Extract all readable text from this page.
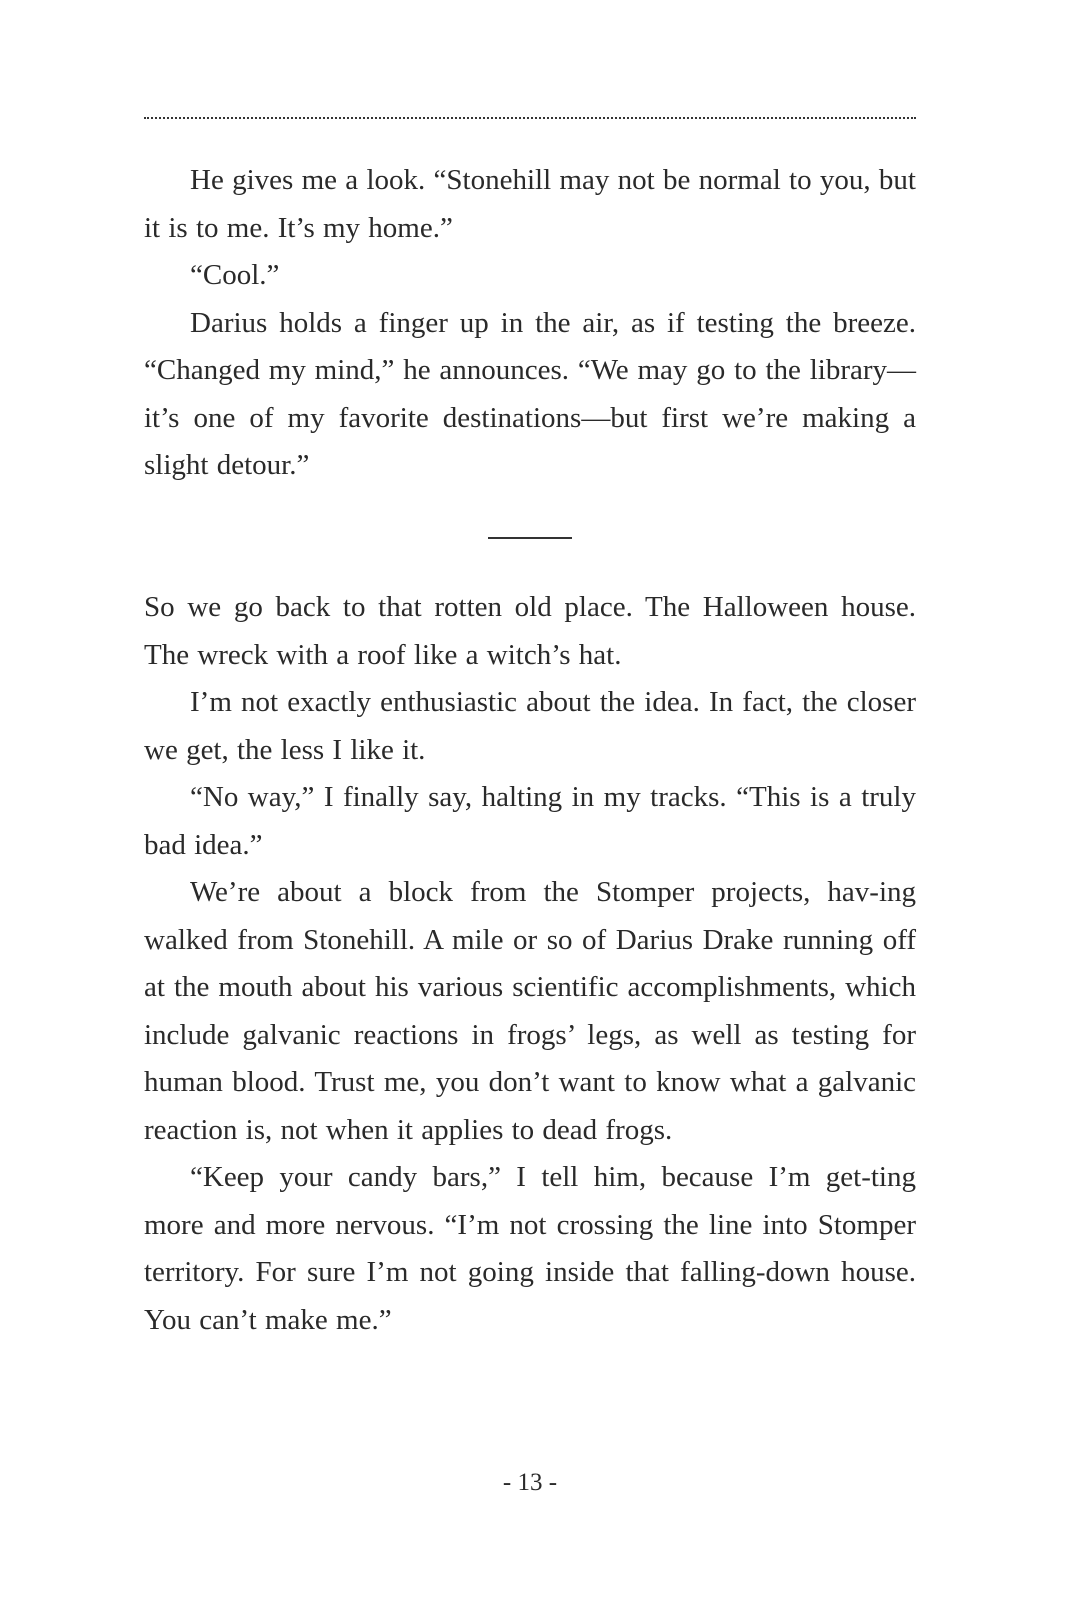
He gives me a look. “Stonehill may not be normal to you, but it is to me. It’s my home.”

“Cool.”

Darius holds a finger up in the air, as if testing the breeze. “Changed my mind,” he announces. “We may go to the library—it’s one of my favorite destinations—but first we’re making a slight detour.”

So we go back to that rotten old place. The Halloween house. The wreck with a roof like a witch’s hat.

I’m not exactly enthusiastic about the idea. In fact, the closer we get, the less I like it.

“No way,” I finally say, halting in my tracks. “This is a truly bad idea.”

We’re about a block from the Stomper projects, hav-ing walked from Stonehill. A mile or so of Darius Drake running off at the mouth about his various scientific accomplishments, which include galvanic reactions in frogs’ legs, as well as testing for human blood. Trust me, you don’t want to know what a galvanic reaction is, not when it applies to dead frogs.

“Keep your candy bars,” I tell him, because I’m get-ting more and more nervous. “I’m not crossing the line into Stomper territory. For sure I’m not going inside that falling-down house. You can’t make me.”

- 13 -
